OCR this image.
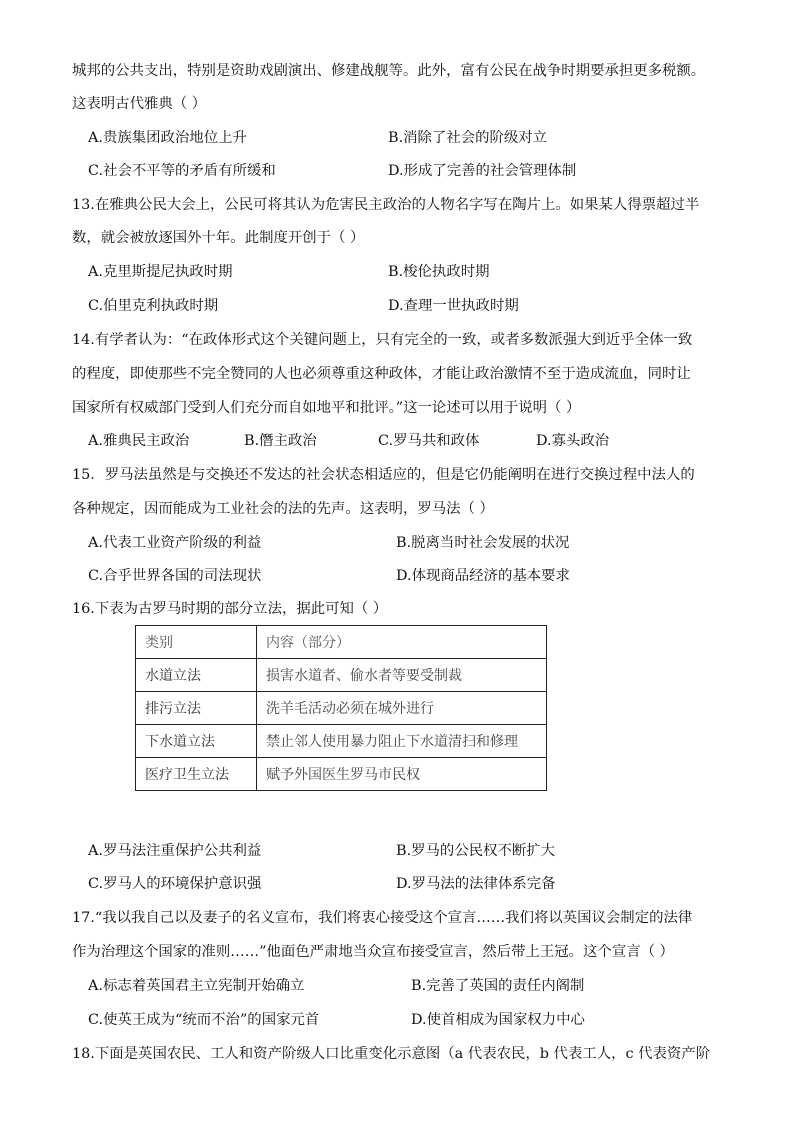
城邦的公共支出，特别是资助戏剧演出、修建战舰等。此外，富有公民在战争时期要承担更多税额。
这表明古代雅典（ ）
A.贵族集团政治地位上升	B.消除了社会的阶级对立
C.社会不平等的矛盾有所缓和	D.形成了完善的社会管理体制
13.在雅典公民大会上，公民可将其认为危害民主政治的人物名字写在陶片上。如果某人得票超过半
数，就会被放逐国外十年。此制度开创于（ ）
A.克里斯提尼执政时期	B.梭伦执政时期
C.伯里克利执政时期	D.查理一世执政时期
14.有学者认为：“在政体形式这个关键问题上，只有完全的一致，或者多数派强大到近乎全体一致
的程度，即使那些不完全赞同的人也必须尊重这种政体，才能让政治激情不至于造成流血，同时让
国家所有权威部门受到人们充分而自如地平和批评。”这一论述可以用于说明（ ）
A.雅典民主政治	B.僭主政治	C.罗马共和政体	D.寡头政治
15．罗马法虽然是与交换还不发达的社会状态相适应的，但是它仍能阐明在进行交换过程中法人的
各种规定，因而能成为工业社会的法的先声。这表明，罗马法（ ）
A.代表工业资产阶级的利益	B.脱离当时社会发展的状况
C.合乎世界各国的司法现状	D.体现商品经济的基本要求
16.下表为古罗马时期的部分立法，据此可知（ ）
类别	内容（部分）
水道立法	损害水道者、偷水者等要受制裁
排污立法	洗羊毛活动必须在城外进行
下水道立法	禁止邻人使用暴力阻止下水道清扫和修理
医疗卫生立法	赋予外国医生罗马市民权
A.罗马法注重保护公共利益	B.罗马的公民权不断扩大
C.罗马人的环境保护意识强	D.罗马法的法律体系完备
17.“我以我自己以及妻子的名义宣布，我们将衷心接受这个宣言……我们将以英国议会制定的法律
作为治理这个国家的准则……”他面色严肃地当众宣布接受宣言，然后带上王冠。这个宣言（ ）
A.标志着英国君主立宪制开始确立	B.完善了英国的责任内阁制
C.使英王成为“统而不治”的国家元首	D.使首相成为国家权力中心
18.下面是英国农民、工人和资产阶级人口比重变化示意图（a 代表农民，b 代表工人，c 代表资产阶
